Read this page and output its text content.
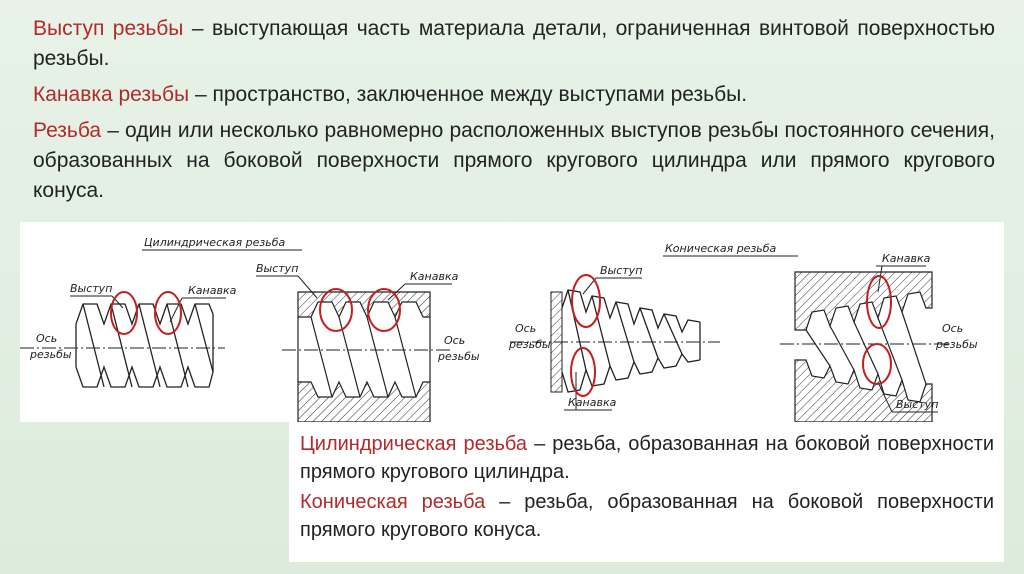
Выступ резьбы – выступающая часть материала детали, ограниченная винтовой поверхностью резьбы.

Канавка резьбы – пространство, заключенное между выступами резьбы.

Резьба – один или несколько равномерно расположенных выступов резьбы постоянного сечения, образованных на боковой поверхности прямого кругового цилиндра или прямого кругового конуса.

Цилиндрическая резьба	Коническая резьба
Выступ	Канавка
Ось
резьбы
Выступ
Канавка
Ось
резьбы
Выступ
Канавка
Ось
резьбы
Канавка
Выступ
Ось
резьбы

Цилиндрическая резьба – резьба, образованная на боковой поверхности прямого кругового цилиндра.

Коническая резьба – резьба, образованная на боковой поверхности прямого кругового конуса.
